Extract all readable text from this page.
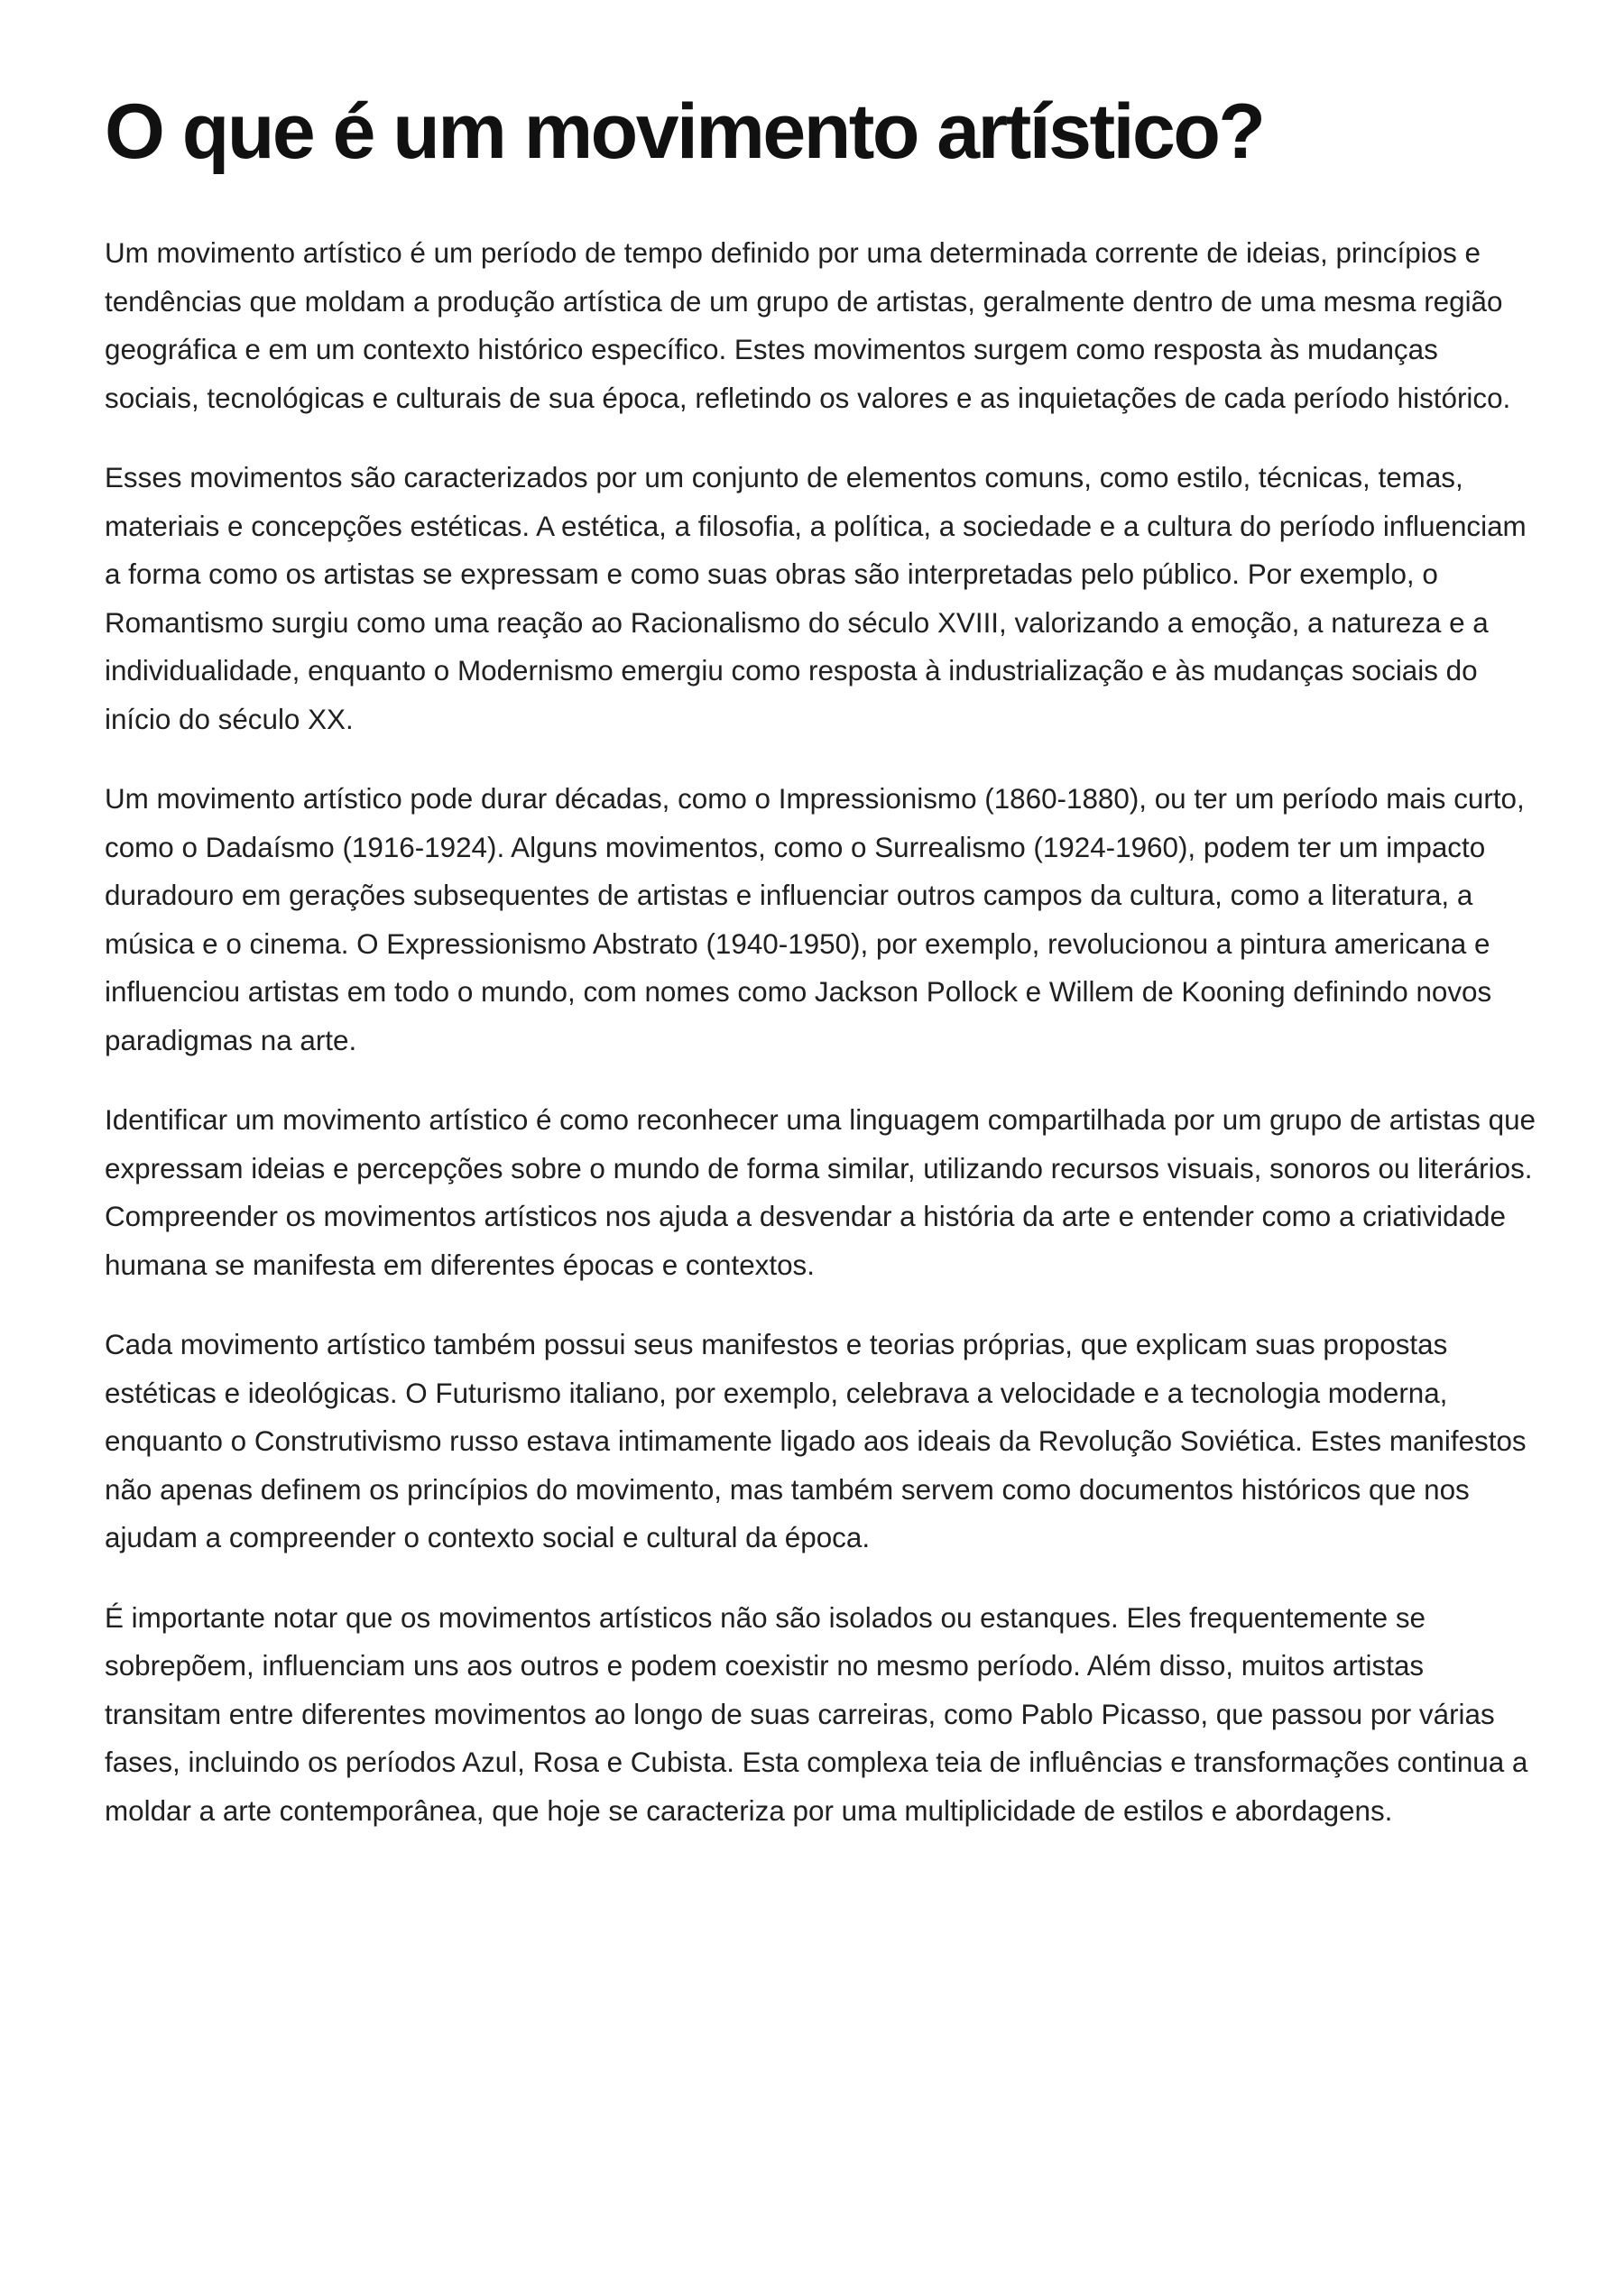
O que é um movimento artístico?

Um movimento artístico é um período de tempo definido por uma determinada corrente de ideias, princípios e tendências que moldam a produção artística de um grupo de artistas, geralmente dentro de uma mesma região geográfica e em um contexto histórico específico. Estes movimentos surgem como resposta às mudanças sociais, tecnológicas e culturais de sua época, refletindo os valores e as inquietações de cada período histórico.

Esses movimentos são caracterizados por um conjunto de elementos comuns, como estilo, técnicas, temas, materiais e concepções estéticas. A estética, a filosofia, a política, a sociedade e a cultura do período influenciam a forma como os artistas se expressam e como suas obras são interpretadas pelo público. Por exemplo, o Romantismo surgiu como uma reação ao Racionalismo do século XVIII, valorizando a emoção, a natureza e a individualidade, enquanto o Modernismo emergiu como resposta à industrialização e às mudanças sociais do início do século XX.

Um movimento artístico pode durar décadas, como o Impressionismo (1860-1880), ou ter um período mais curto, como o Dadaísmo (1916-1924). Alguns movimentos, como o Surrealismo (1924-1960), podem ter um impacto duradouro em gerações subsequentes de artistas e influenciar outros campos da cultura, como a literatura, a música e o cinema. O Expressionismo Abstrato (1940-1950), por exemplo, revolucionou a pintura americana e influenciou artistas em todo o mundo, com nomes como Jackson Pollock e Willem de Kooning definindo novos paradigmas na arte.

Identificar um movimento artístico é como reconhecer uma linguagem compartilhada por um grupo de artistas que expressam ideias e percepções sobre o mundo de forma similar, utilizando recursos visuais, sonoros ou literários. Compreender os movimentos artísticos nos ajuda a desvendar a história da arte e entender como a criatividade humana se manifesta em diferentes épocas e contextos.

Cada movimento artístico também possui seus manifestos e teorias próprias, que explicam suas propostas estéticas e ideológicas. O Futurismo italiano, por exemplo, celebrava a velocidade e a tecnologia moderna, enquanto o Construtivismo russo estava intimamente ligado aos ideais da Revolução Soviética. Estes manifestos não apenas definem os princípios do movimento, mas também servem como documentos históricos que nos ajudam a compreender o contexto social e cultural da época.

É importante notar que os movimentos artísticos não são isolados ou estanques. Eles frequentemente se sobrepõem, influenciam uns aos outros e podem coexistir no mesmo período. Além disso, muitos artistas transitam entre diferentes movimentos ao longo de suas carreiras, como Pablo Picasso, que passou por várias fases, incluindo os períodos Azul, Rosa e Cubista. Esta complexa teia de influências e transformações continua a moldar a arte contemporânea, que hoje se caracteriza por uma multiplicidade de estilos e abordagens.
